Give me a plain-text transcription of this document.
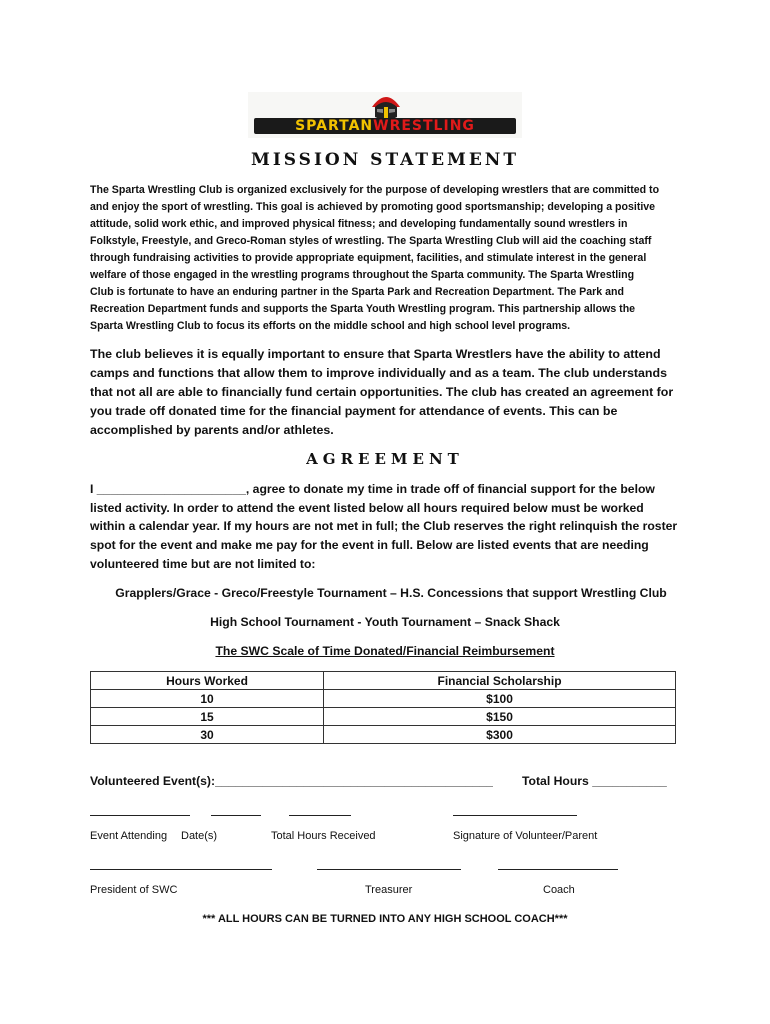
SPARTANWRESTLING
MISSION STATEMENT
The Sparta Wrestling Club is organized exclusively for the purpose of developing wrestlers that are committed to
and enjoy the sport of wrestling. This goal is achieved by promoting good sportsmanship; developing a positive
attitude, solid work ethic, and improved physical fitness; and developing fundamentally sound wrestlers in
Folkstyle, Freestyle, and Greco-Roman styles of wrestling. The Sparta Wrestling Club will aid the coaching staff
through fundraising activities to provide appropriate equipment, facilities, and stimulate interest in the general
welfare of those engaged in the wrestling programs throughout the Sparta community. The Sparta Wrestling
Club is fortunate to have an enduring partner in the Sparta Park and Recreation Department. The Park and
Recreation Department funds and supports the Sparta Youth Wrestling program. This partnership allows the
Sparta Wrestling Club to focus its efforts on the middle school and high school level programs.
The club believes it is equally important to ensure that Sparta Wrestlers have the ability to attend
camps and functions that allow them to improve individually and as a team. The club understands
that not all are able to financially fund certain opportunities. The club has created an agreement for
you trade off donated time for the financial payment for attendance of events. This can be
accomplished by parents and/or athletes.
AGREEMENT
I ______________________, agree to donate my time in trade off of financial support for the below
listed activity. In order to attend the event listed below all hours required below must be worked
within a calendar year. If my hours are not met in full; the Club reserves the right relinquish the roster
spot for the event and make me pay for the event in full. Below are listed events that are needing
volunteered time but are not limited to:
Grapplers/Grace - Greco/Freestyle Tournament – H.S. Concessions that support Wrestling Club
High School Tournament - Youth Tournament – Snack Shack
The SWC Scale of Time Donated/Financial Reimbursement
Hours Worked	Financial Scholarship
10	$100
15	$150
30	$300
Volunteered Event(s):_________________________________________ Total Hours ___________
Event Attending Date(s)	Total Hours Received	Signature of Volunteer/Parent
President of SWC	Treasurer	Coach
*** ALL HOURS CAN BE TURNED INTO ANY HIGH SCHOOL COACH***
